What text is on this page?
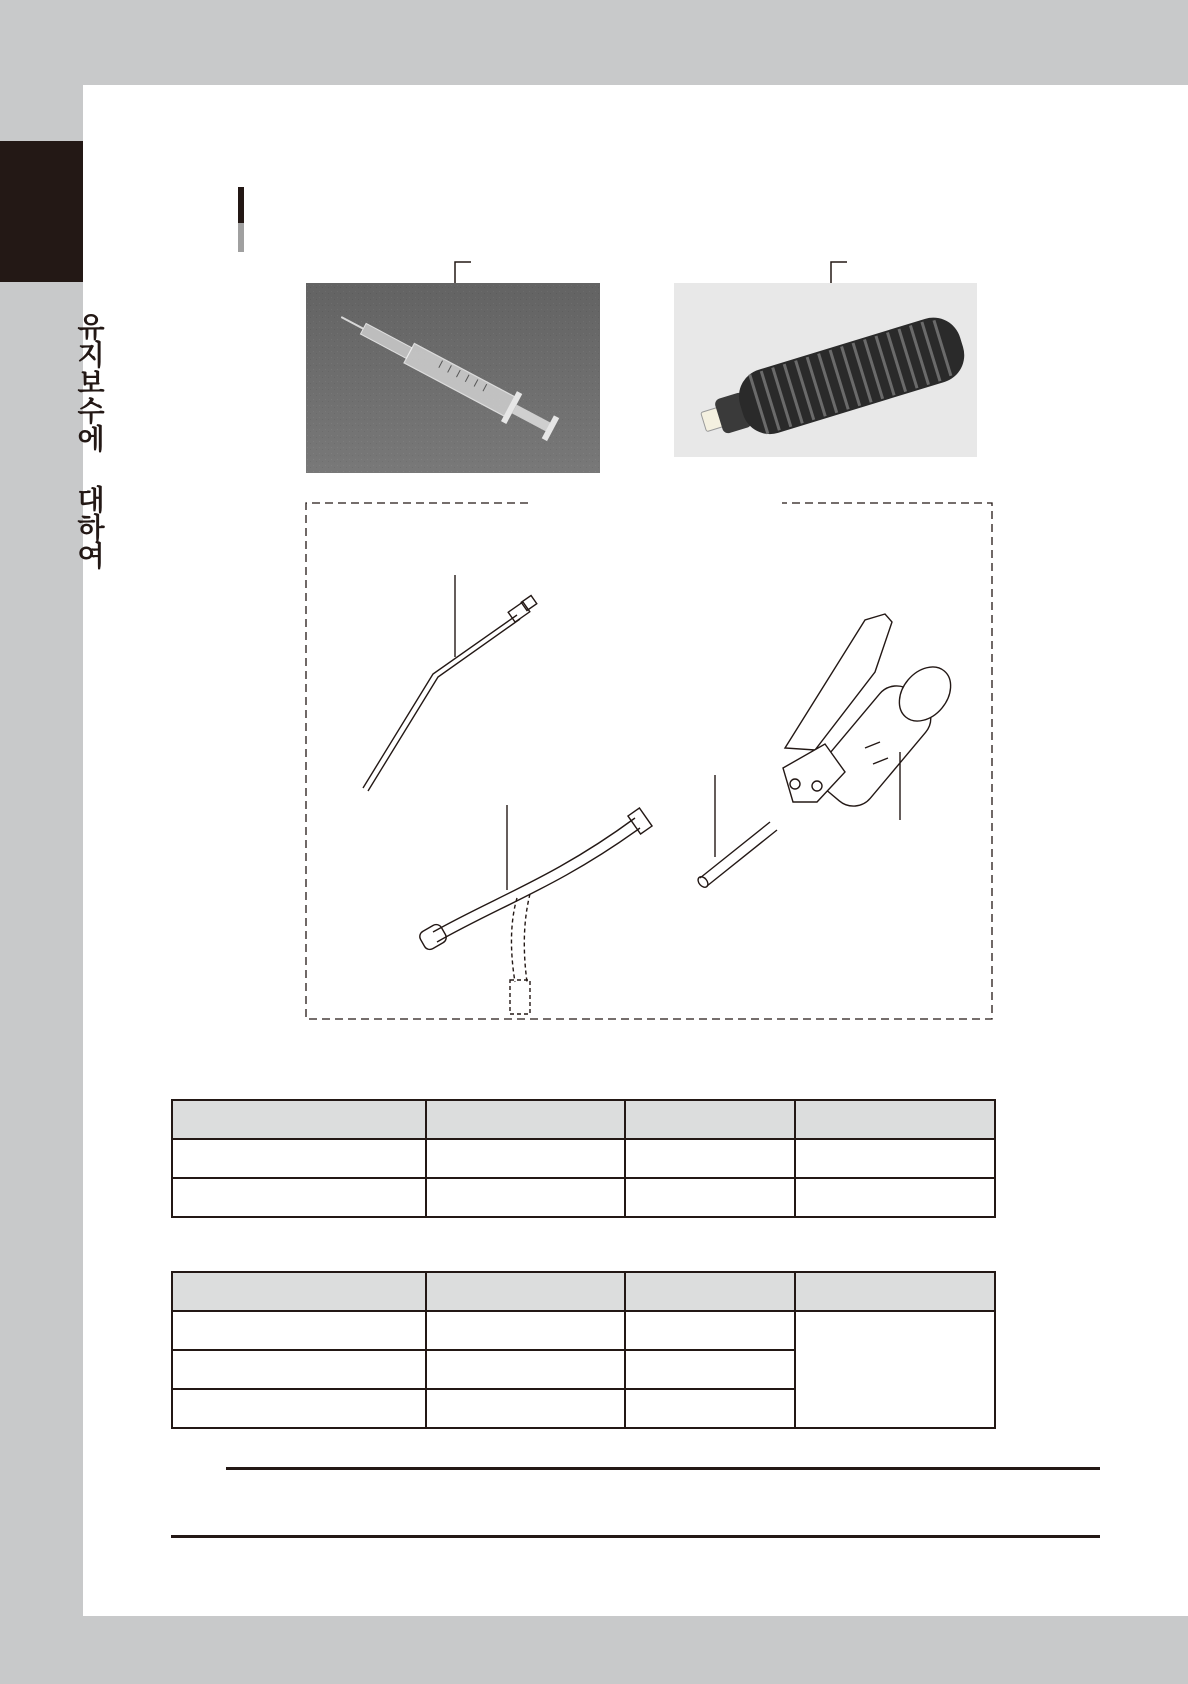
유지보수에 대하여
